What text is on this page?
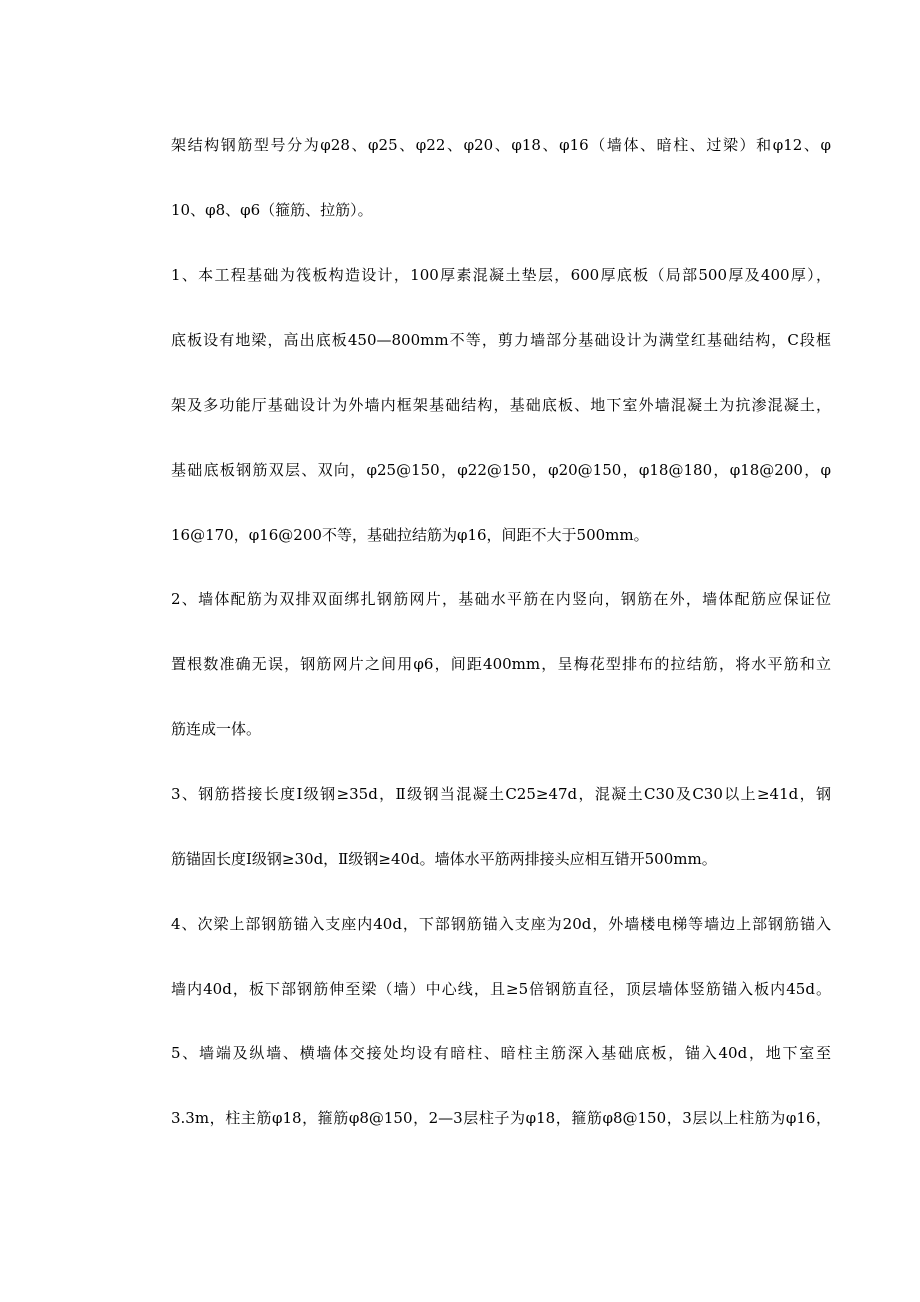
架结构钢筋型号分为φ28、φ25、φ22、φ20、φ18、φ16（墙体、暗柱、过梁）和φ12、φ

10、φ8、φ6（箍筋、拉筋）。

1、本工程基础为筏板构造设计，100厚素混凝土垫层，600厚底板（局部500厚及400厚），

底板设有地梁，高出底板450—800mm不等，剪力墙部分基础设计为满堂红基础结构，C段框

架及多功能厅基础设计为外墙内框架基础结构，基础底板、地下室外墙混凝土为抗渗混凝土，

基础底板钢筋双层、双向，φ25@150，φ22@150，φ20@150，φ18@180，φ18@200，φ

16@170，φ16@200不等，基础拉结筋为φ16，间距不大于500mm。

2、墙体配筋为双排双面绑扎钢筋网片，基础水平筋在内竖向，钢筋在外，墙体配筋应保证位

置根数准确无误，钢筋网片之间用φ6，间距400mm，呈梅花型排布的拉结筋，将水平筋和立

筋连成一体。

3、钢筋搭接长度Ⅰ级钢≥35d，Ⅱ级钢当混凝土C25≥47d，混凝土C30及C30以上≥41d，钢

筋锚固长度Ⅰ级钢≥30d，Ⅱ级钢≥40d。墙体水平筋两排接头应相互错开500mm。

4、次梁上部钢筋锚入支座内40d，下部钢筋锚入支座为20d，外墙楼电梯等墙边上部钢筋锚入

墙内40d，板下部钢筋伸至梁（墙）中心线，且≥5倍钢筋直径，顶层墙体竖筋锚入板内45d。

5、墙端及纵墙、横墙体交接处均设有暗柱、暗柱主筋深入基础底板，锚入40d，地下室至

3.3m，柱主筋φ18，箍筋φ8@150，2—3层柱子为φ18，箍筋φ8@150，3层以上柱筋为φ16，
